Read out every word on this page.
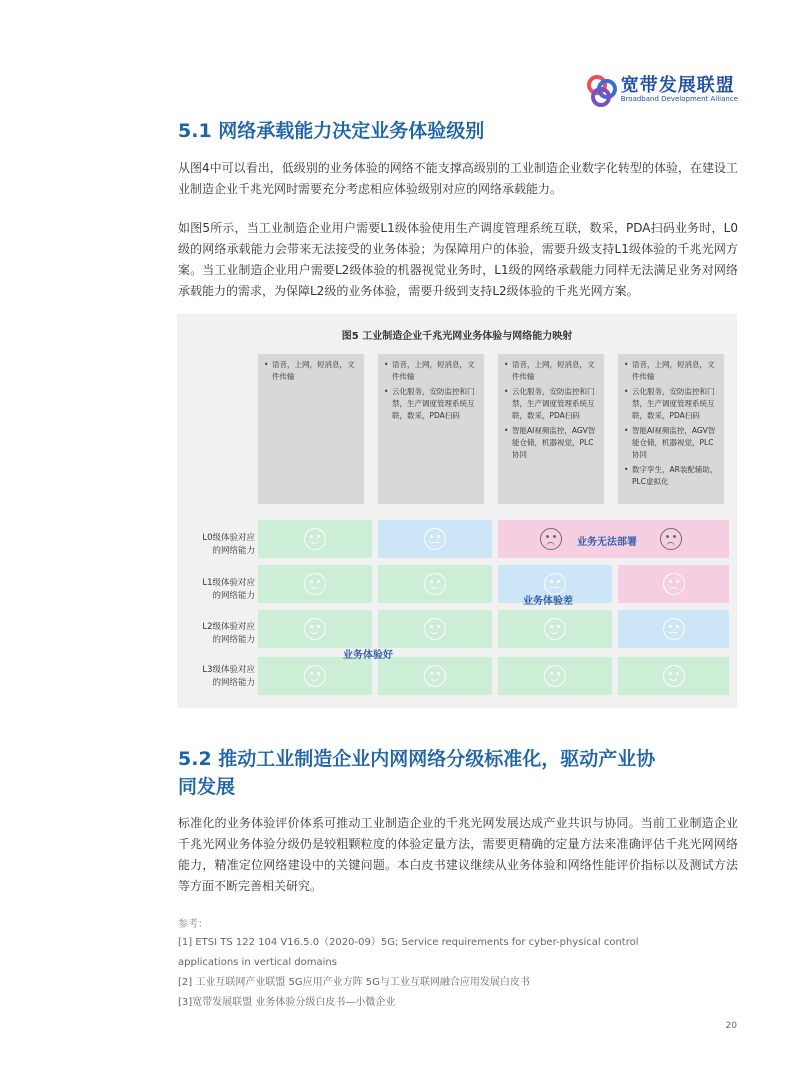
宽带发展联盟
Broadband Development Alliance
5.1 网络承载能力决定业务体验级别

从图4中可以看出，低级别的业务体验的网络不能支撑高级别的工业制造企业数字化转型的体验，在建设工业制造企业千兆光网时需要充分考虑相应体验级别对应的网络承载能力。

如图5所示，当工业制造企业用户需要L1级体验使用生产调度管理系统互联，数采，PDA扫码业务时，L0级的网络承载能力会带来无法接受的业务体验；为保障用户的体验，需要升级支持L1级体验的千兆光网方案。当工业制造企业用户需要L2级体验的机器视觉业务时，L1级的网络承载能力同样无法满足业务对网络承载能力的需求，为保障L2级的业务体验，需要升级到支持L2级体验的千兆光网方案。

图5 工业制造企业千兆光网业务体验与网络能力映射
• 语音，上网，短消息，文件传输
• 语音，上网，短消息，文件传输
• 云化服务，安防监控和门禁，生产调度管理系统互联，数采，PDA扫码
• 语音，上网，短消息，文件传输
• 云化服务，安防监控和门禁，生产调度管理系统互联，数采，PDA扫码
• 智能AI视频监控，AGV智能仓储，机器视觉，PLC协同
• 语音，上网，短消息，文件传输
• 云化服务，安防监控和门禁，生产调度管理系统互联，数采，PDA扫码
• 智能AI视频监控，AGV智能仓储，机器视觉，PLC协同
• 数字孪生，AR装配辅助，PLC虚拟化
L0级体验对应
的网络能力
L1级体验对应
的网络能力
L2级体验对应
的网络能力
L3级体验对应
的网络能力
业务无法部署
业务体验差
业务体验好
5.2 推动工业制造企业内网网络分级标准化，驱动产业协
同发展

标准化的业务体验评价体系可推动工业制造企业的千兆光网发展达成产业共识与协同。当前工业制造企业千兆光网业务体验分级仍是较粗颗粒度的体验定量方法，需要更精确的定量方法来准确评估千兆光网网络能力，精准定位网络建设中的关键问题。本白皮书建议继续从业务体验和网络性能评价指标以及测试方法等方面不断完善相关研究。

参考：
[1] ETSI TS 122 104 V16.5.0（2020-09）5G; Service requirements for cyber-physical control applications in vertical domains
[2] 工业互联网产业联盟 5G应用产业方阵 5G与工业互联网融合应用发展白皮书
[3]宽带发展联盟 业务体验分级白皮书—小微企业
20
